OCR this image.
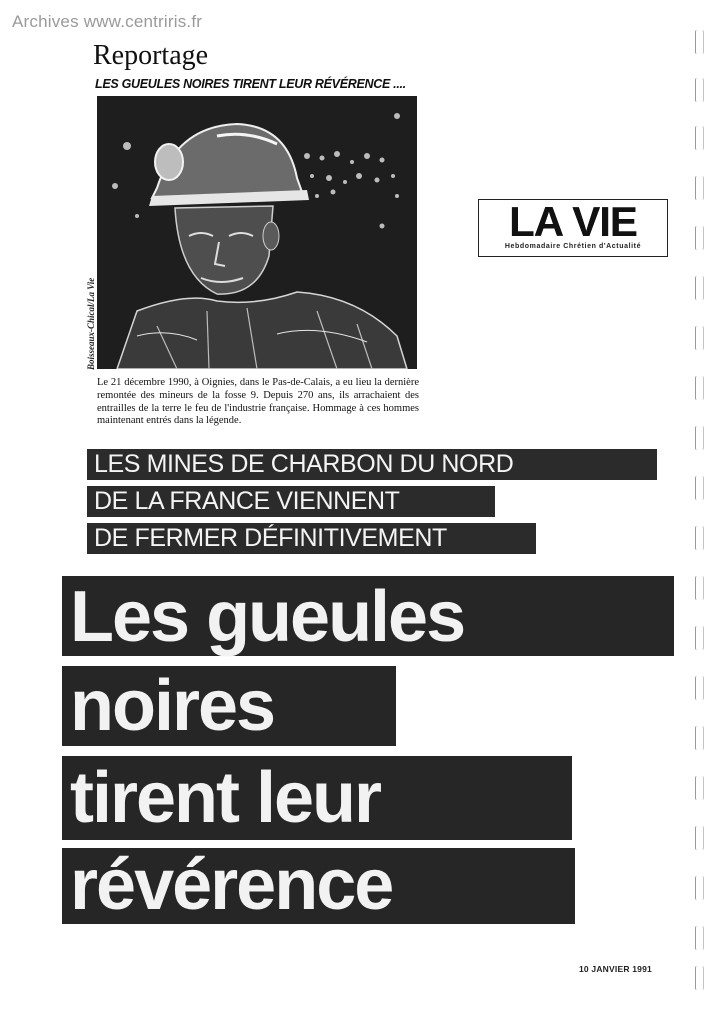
Archives www.centriris.fr
Reportage
LES GUEULES NOIRES TIRENT LEUR RÉVÉRENCE ....
Boisseaux-Chical/La Vie
Le 21 décembre 1990, à Oignies, dans le Pas-de-Calais, a eu lieu la dernière remontée des mineurs de la fosse 9. Depuis 270 ans, ils arrachaient des entrailles de la terre le feu de l'industrie française. Hommage à ces hommes maintenant entrés dans la légende.
LA VIE
Hebdomadaire Chrétien d'Actualité
LES MINES DE CHARBON DU NORD
DE LA FRANCE VIENNENT
DE FERMER DÉFINITIVEMENT
Les gueules
noires
tirent leur
révérence
10 JANVIER 1991
